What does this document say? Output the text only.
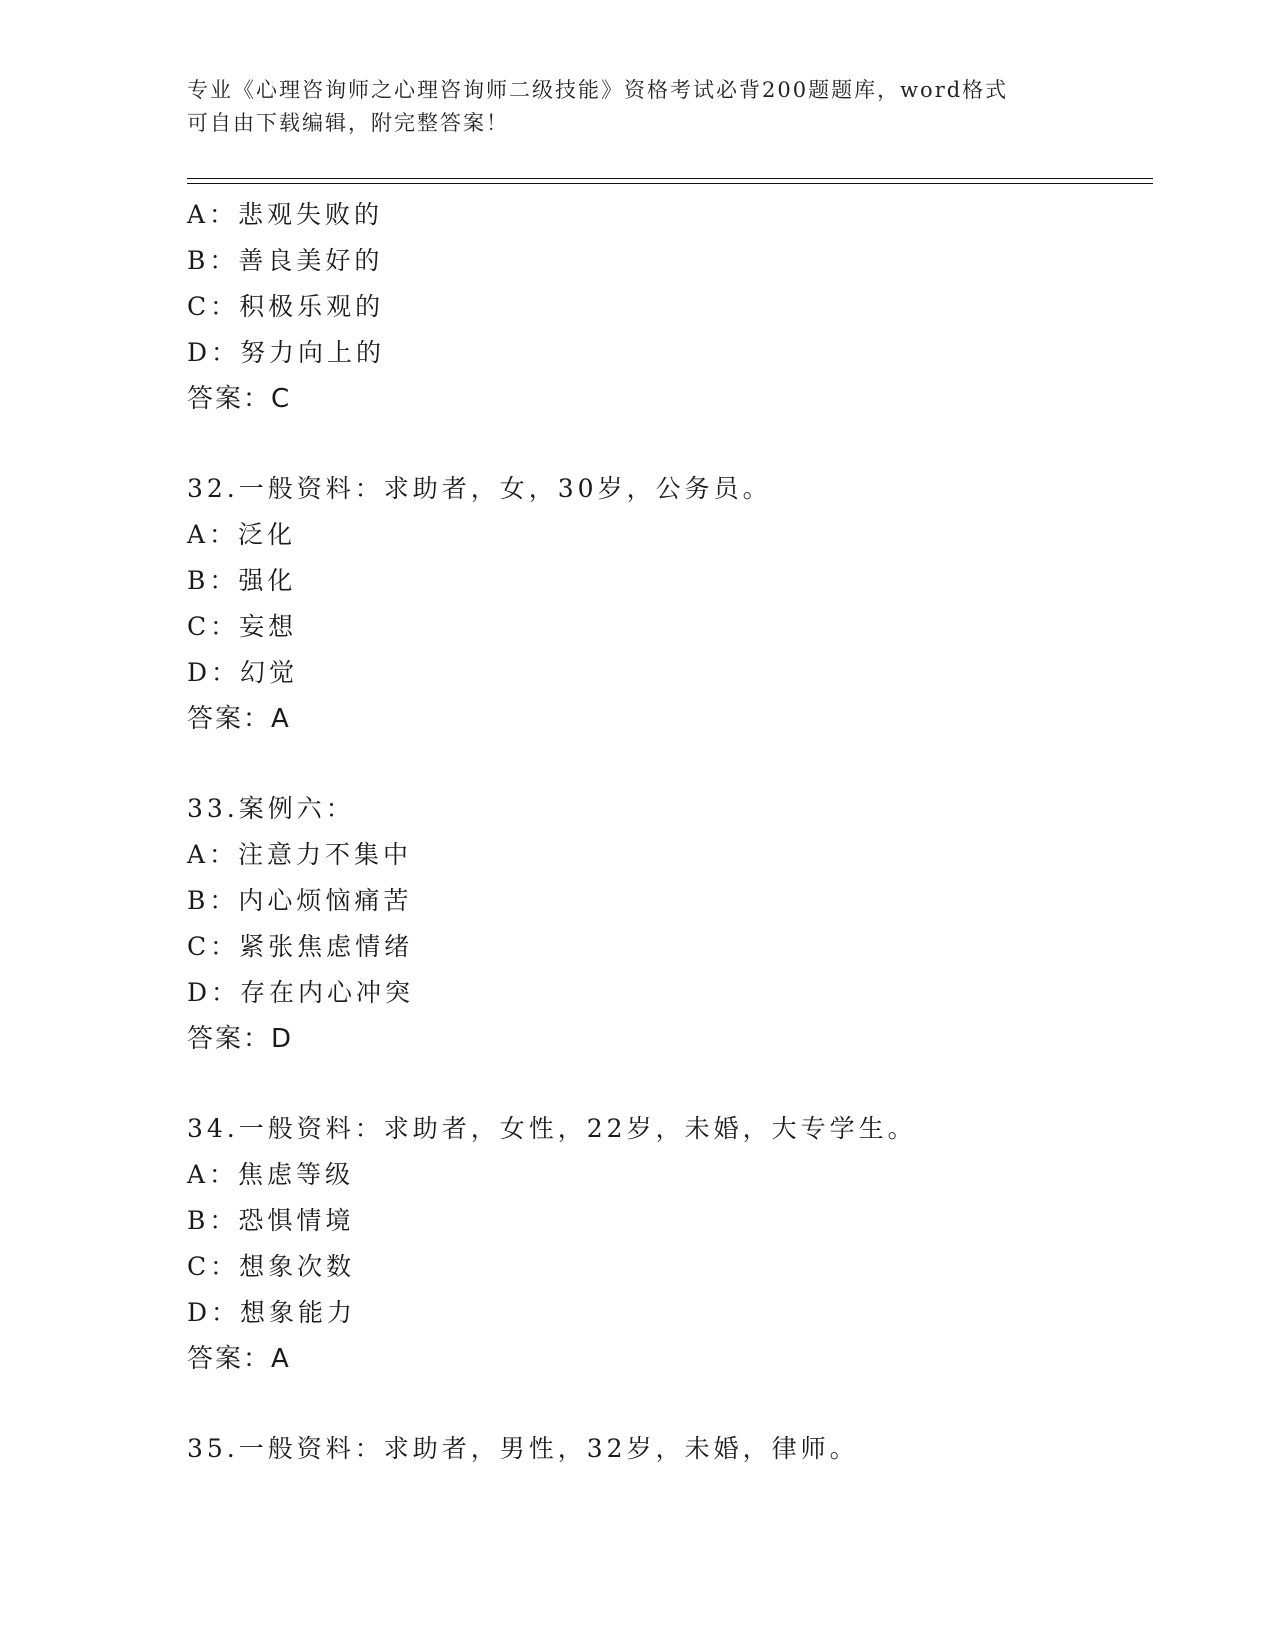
专业《心理咨询师之心理咨询师二级技能》资格考试必背200题题库，word格式
可自由下载编辑，附完整答案！
A：悲观失败的
B：善良美好的
C：积极乐观的
D：努力向上的
答案：C
32.一般资料：求助者，女，30岁，公务员。
A：泛化
B：强化
C：妄想
D：幻觉
答案：A
33.案例六：
A：注意力不集中
B：内心烦恼痛苦
C：紧张焦虑情绪
D：存在内心冲突
答案：D
34.一般资料：求助者，女性，22岁，未婚，大专学生。
A：焦虑等级
B：恐惧情境
C：想象次数
D：想象能力
答案：A
35.一般资料：求助者，男性，32岁，未婚，律师。
